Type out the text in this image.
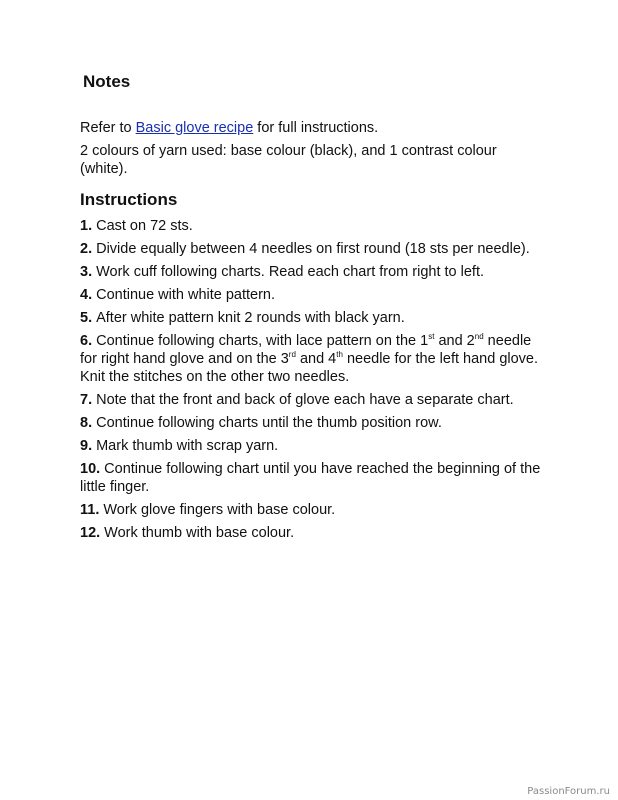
Notes
Refer to Basic glove recipe for full instructions.
2 colours of yarn used: base colour (black), and 1 contrast colour (white).
Instructions
1. Cast on 72 sts.
2. Divide equally between 4 needles on first round (18 sts per needle).
3. Work cuff following charts. Read each chart from right to left.
4. Continue with white pattern.
5. After white pattern knit 2 rounds with black yarn.
6. Continue following charts, with lace pattern on the 1st and 2nd needle for right hand glove and on the 3rd and 4th needle for the left hand glove. Knit the stitches on the other two needles.
7. Note that the front and back of glove each have a separate chart.
8. Continue following charts until the thumb position row.
9. Mark thumb with scrap yarn.
10. Continue following chart until you have reached the beginning of the little finger.
11. Work glove fingers with base colour.
12. Work thumb with base colour.
PassionForum.ru
